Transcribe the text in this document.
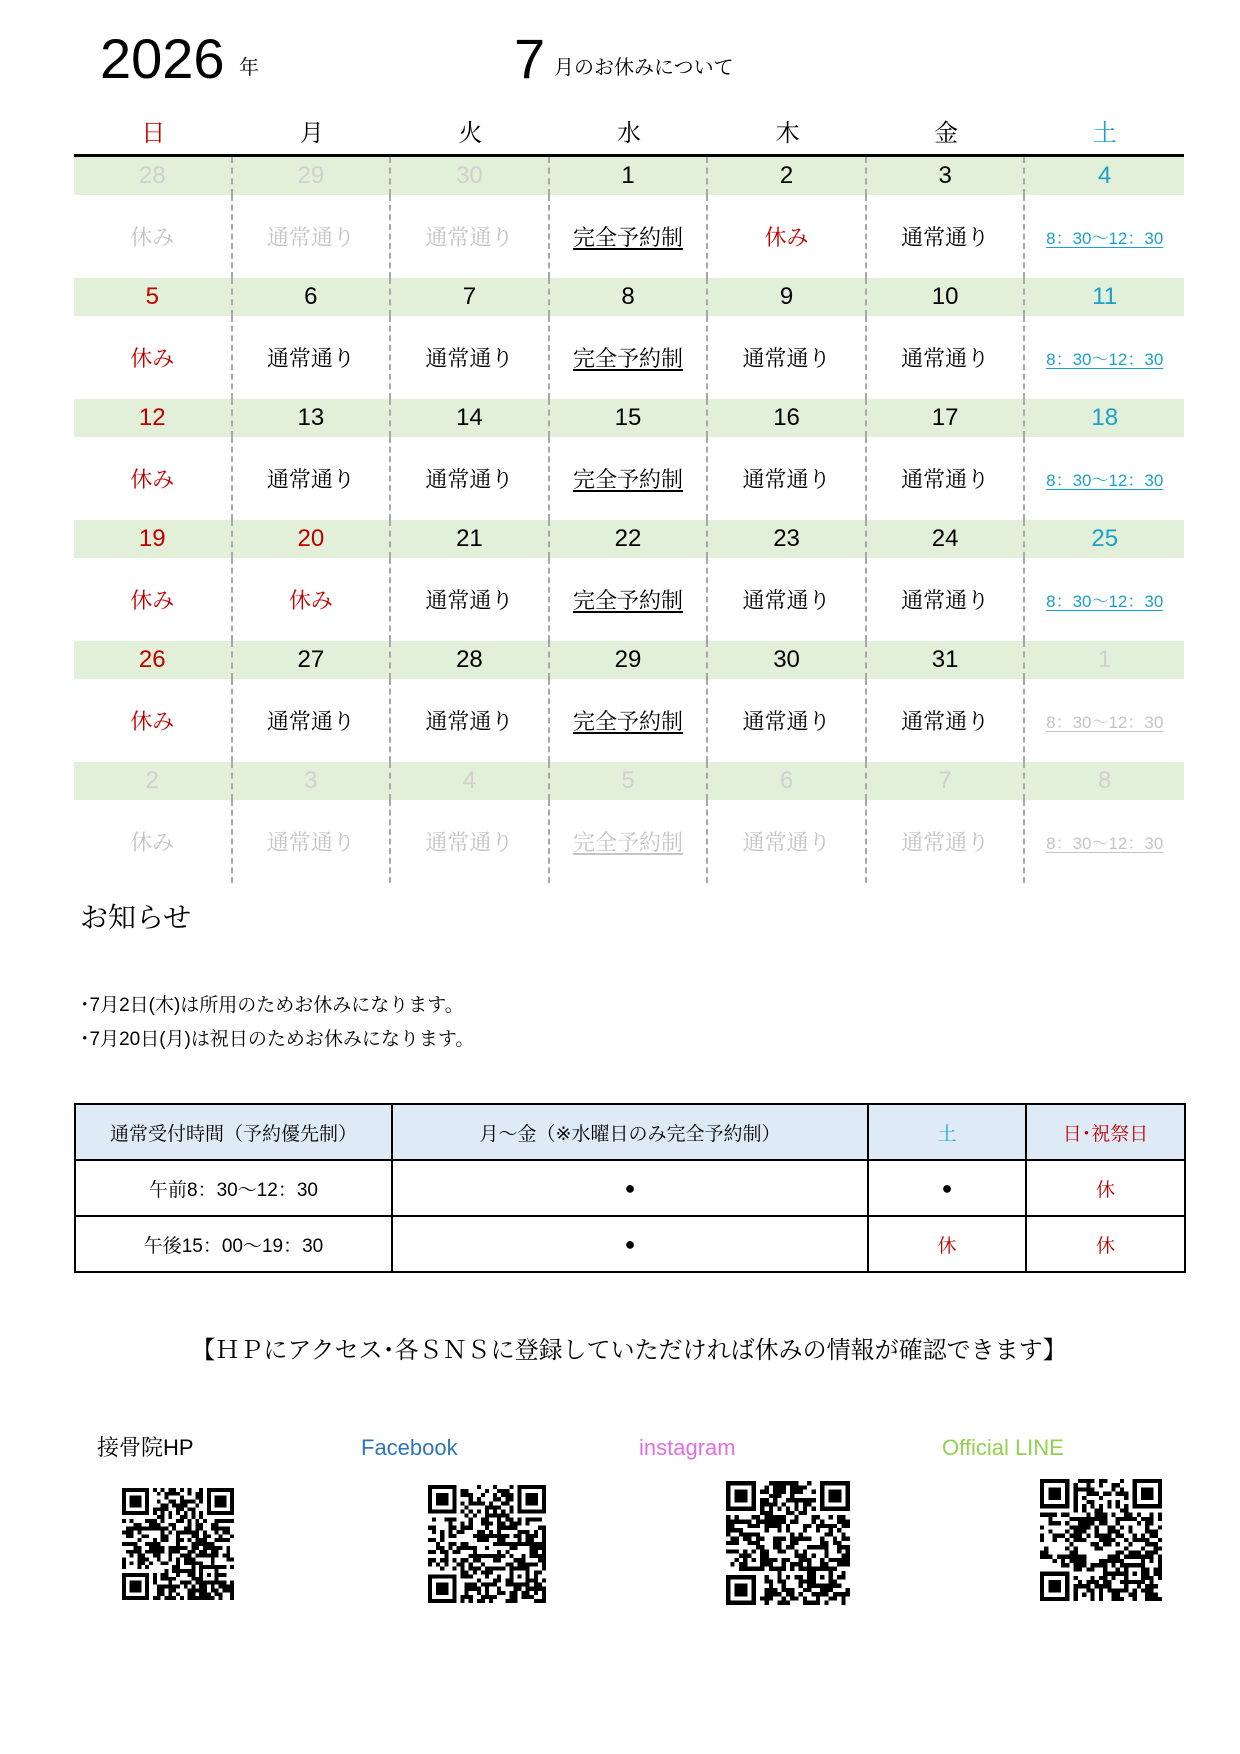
2026 年	7 月のお休みについて
日	月	火	水	木	金	土
28	29	30	1	2	3	4
休み	通常通り	通常通り	完全予約制	休み	通常通り	8：30～12：30
5	6	7	8	9	10	11
休み	通常通り	通常通り	完全予約制	通常通り	通常通り	8：30～12：30
12	13	14	15	16	17	18
休み	通常通り	通常通り	完全予約制	通常通り	通常通り	8：30～12：30
19	20	21	22	23	24	25
休み	休み	通常通り	完全予約制	通常通り	通常通り	8：30～12：30
26	27	28	29	30	31	1
休み	通常通り	通常通り	完全予約制	通常通り	通常通り	8：30～12：30
2	3	4	5	6	7	8
休み	通常通り	通常通り	完全予約制	通常通り	通常通り	8：30～12：30
お知らせ
･7月2日(木)は所用のためお休みになります。
･7月20日(月)は祝日のためお休みになります。
通常受付時間（予約優先制）	月～金（※水曜日のみ完全予約制）	土	日･祝祭日
午前8：30～12：30	●	●	休
午後15：00～19：30	●	休	休
【ＨＰにアクセス･各ＳＮＳに登録していただければ休みの情報が確認できます】
接骨院HP	Facebook	instagram	Official LINE
